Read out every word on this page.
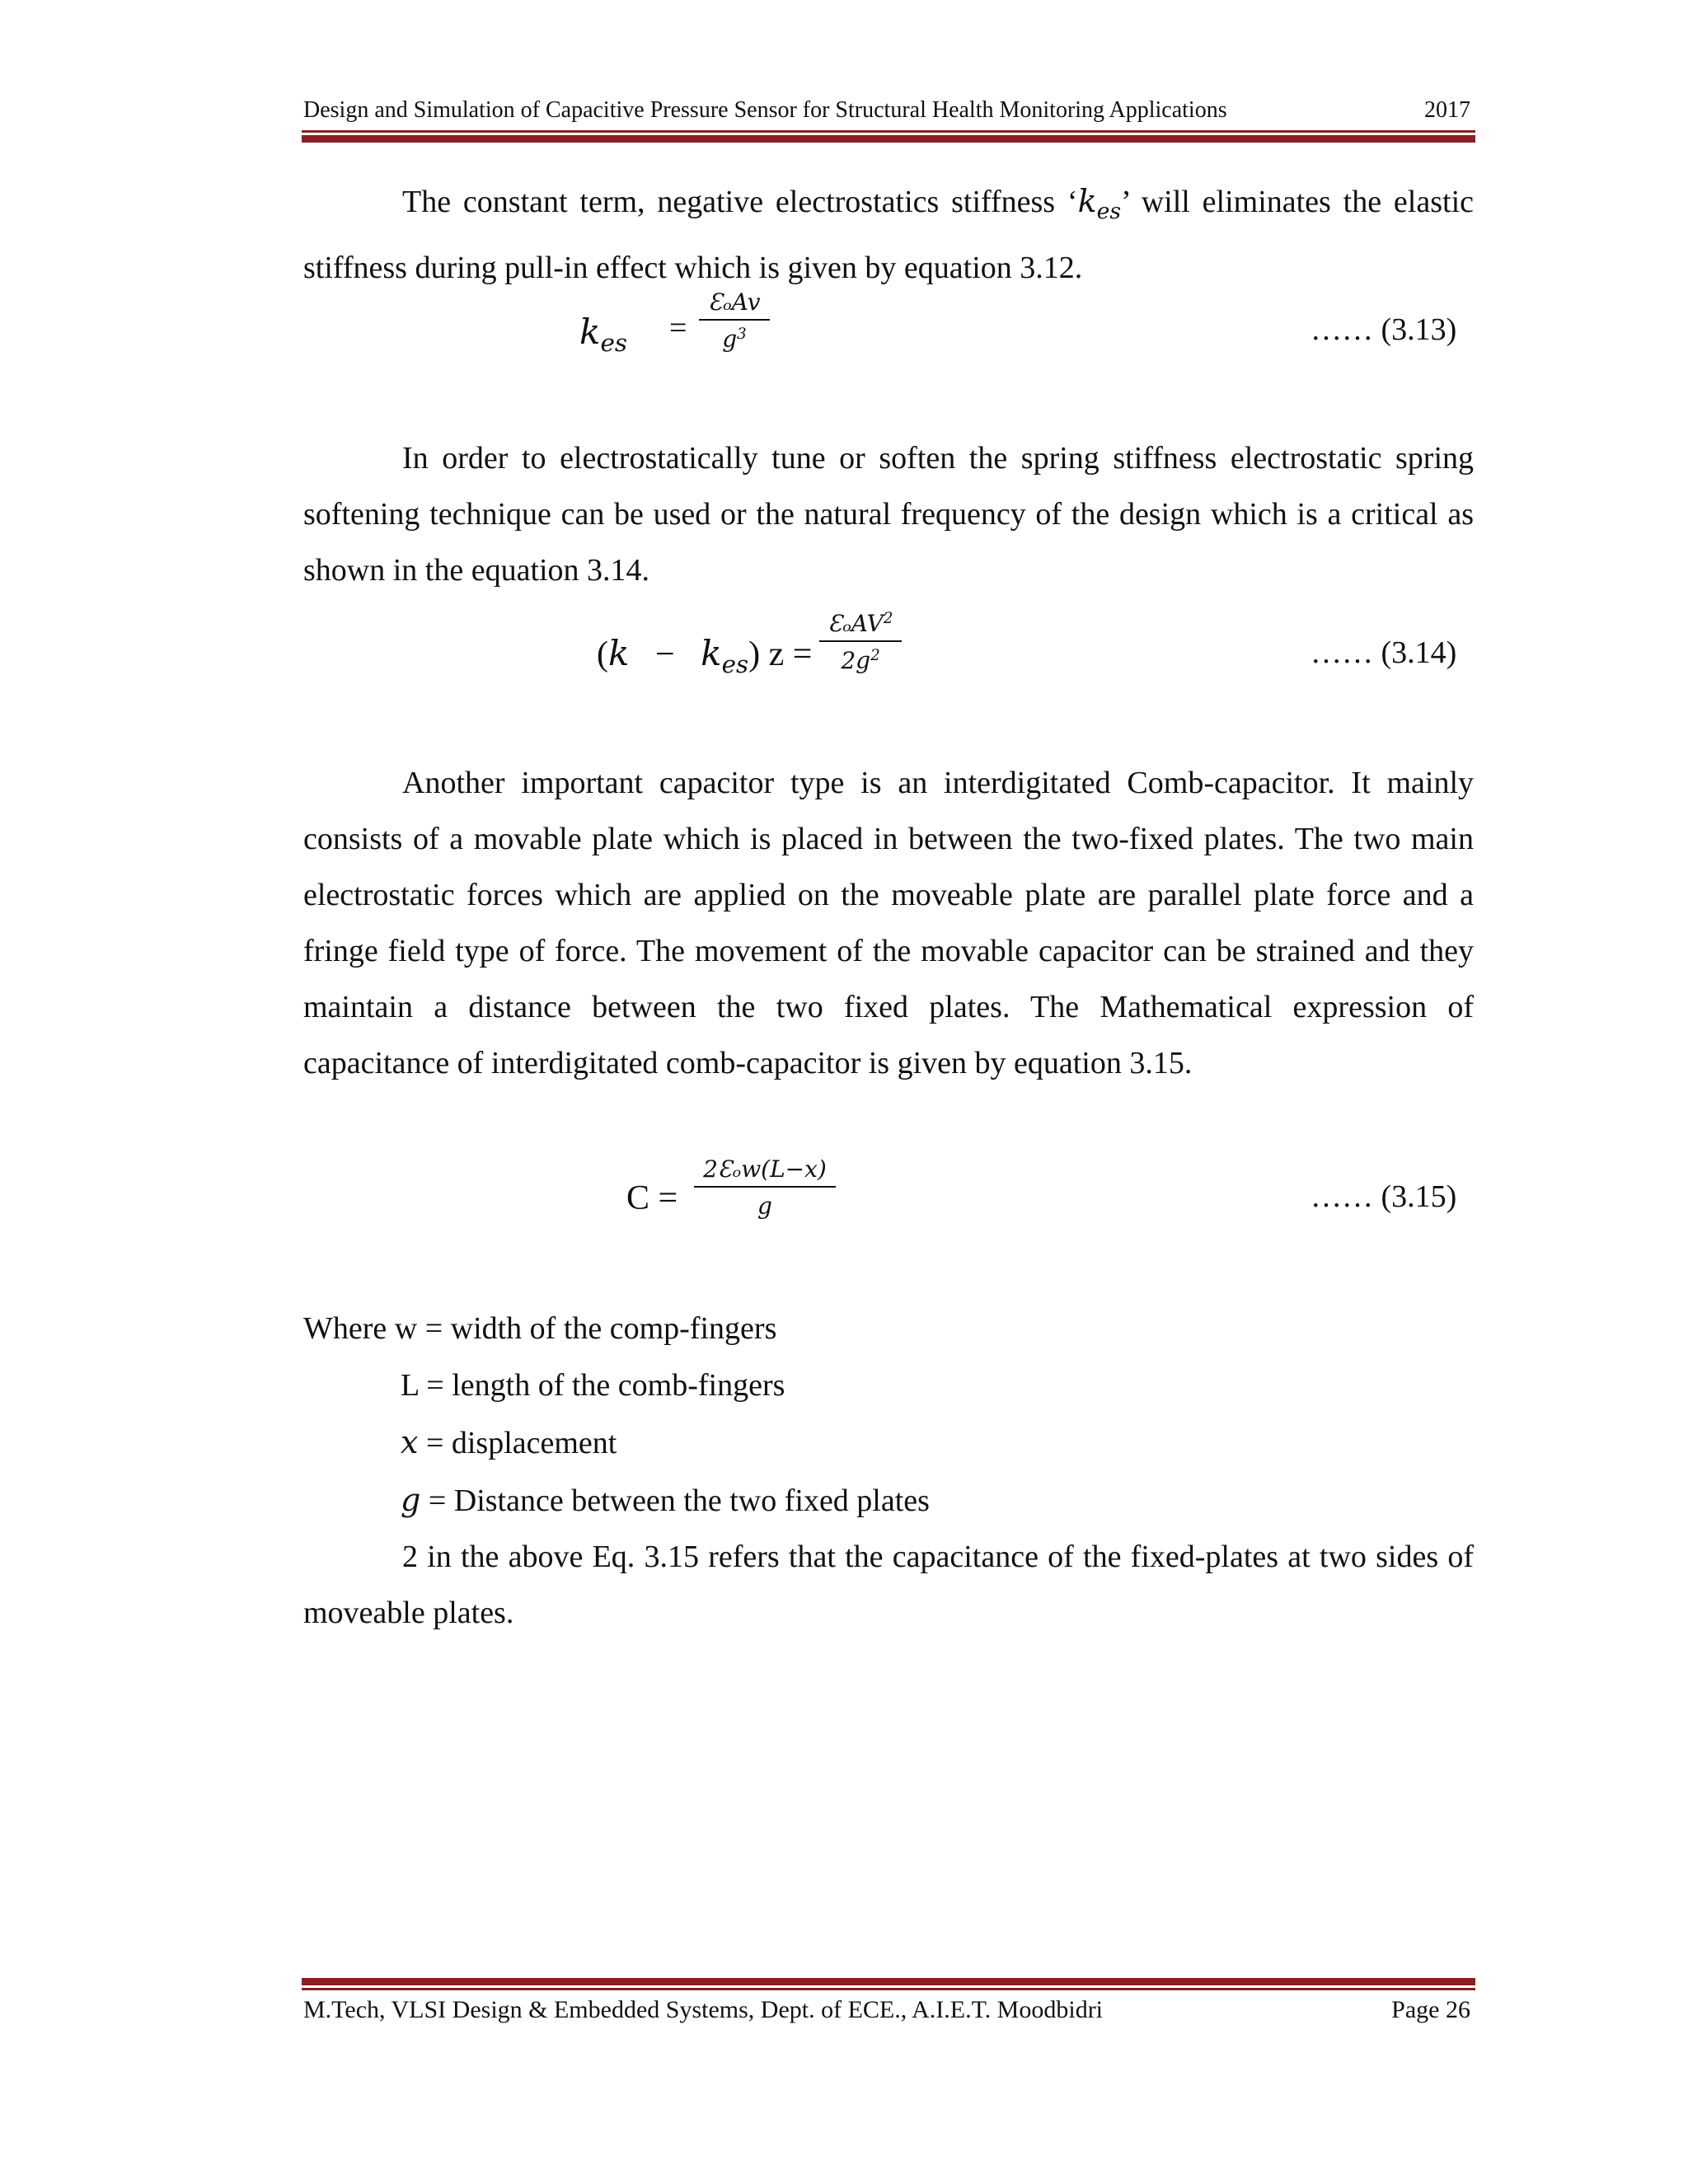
Design and Simulation of Capacitive Pressure Sensor for Structural Health Monitoring Applications	2017
The constant term, negative electrostatics stiffness ‘$k_{es}$’ will eliminates the elastic stiffness during pull-in effect which is given by equation 3.12.
$k_{es}$ =
ƐₒAv
$g^3$	…… (3.13)
In order to electrostatically tune or soften the spring stiffness electrostatic spring softening technique can be used or the natural frequency of the design which is a critical as shown in the equation 3.14.
$(k - k_{es})$ z =
ƐₒAV$^2$
$2g^2$	…… (3.14)
Another important capacitor type is an interdigitated Comb-capacitor. It mainly consists of a movable plate which is placed in between the two-fixed plates. The two main electrostatic forces which are applied on the moveable plate are parallel plate force and a fringe field type of force. The movement of the movable capacitor can be strained and they maintain a distance between the two fixed plates. The Mathematical expression of capacitance of interdigitated comb-capacitor is given by equation 3.15.
C =
2Ɛₒw(L−x)
g	…… (3.15)
Where w = width of the comp-fingers
L = length of the comb-fingers
x = displacement
g = Distance between the two fixed plates
2 in the above Eq. 3.15 refers that the capacitance of the fixed-plates at two sides of moveable plates.
M.Tech, VLSI Design & Embedded Systems, Dept. of ECE., A.I.E.T. Moodbidri	Page 26
